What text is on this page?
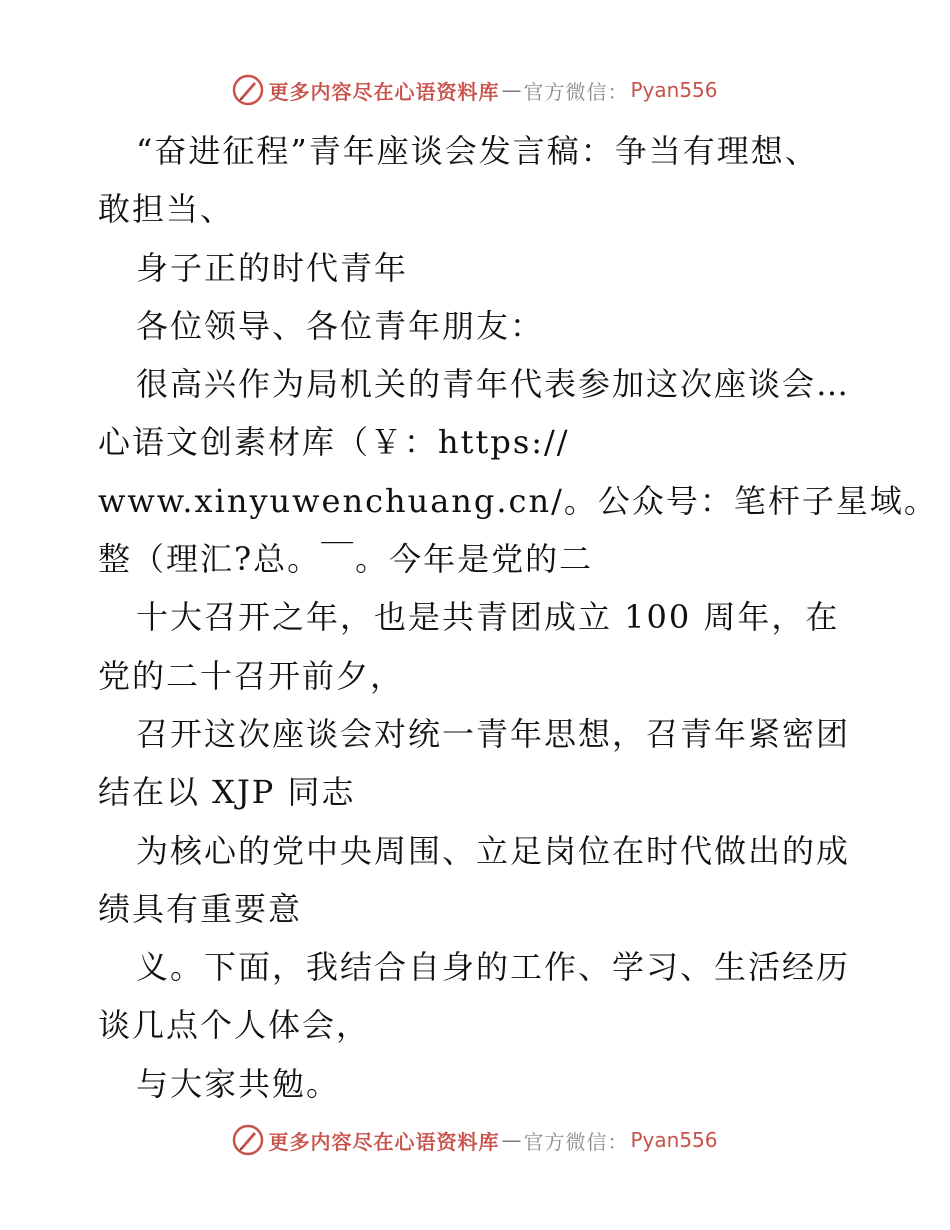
更多内容尽在心语资料库 — 官方微信： Pyan556
“奋进征程”青年座谈会发言稿：争当有理想、
敢担当、
身子正的时代青年
各位领导、各位青年朋友：
很高兴作为局机关的青年代表参加这次座谈会…
心语文创素材库（￥：https://
www.xinyuwenchuang.cn/。公众号：笔杆子星域。
整（理汇?总。￣。今年是党的二
十大召开之年，也是共青团成立 100 周年，在
党的二十召开前夕，
召开这次座谈会对统一青年思想，召青年紧密团
结在以 XJP 同志
为核心的党中央周围、立足岗位在时代做出的成
绩具有重要意
义。下面，我结合自身的工作、学习、生活经历
谈几点个人体会，
与大家共勉。
更多内容尽在心语资料库 — 官方微信： Pyan556
